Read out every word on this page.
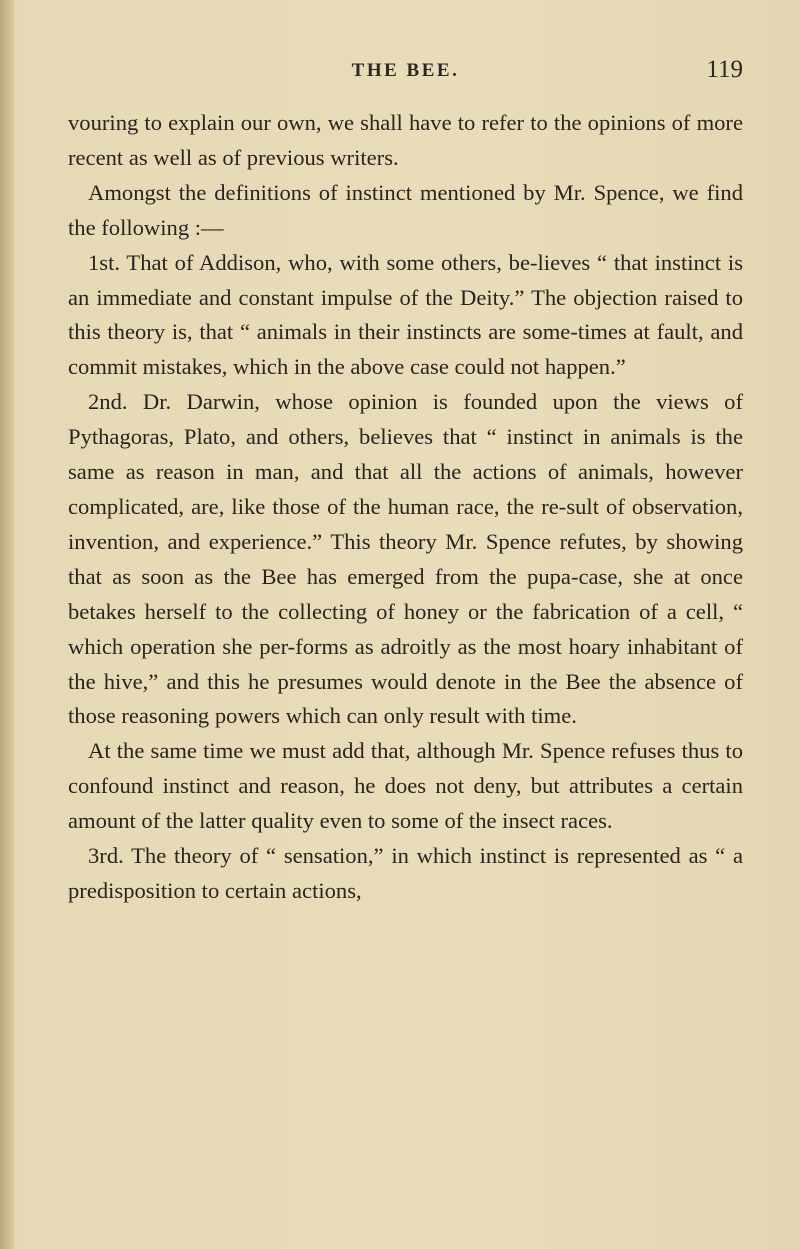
THE BEE.	119

vouring to explain our own, we shall have to refer to the opinions of more recent as well as of previous writers.

Amongst the definitions of instinct mentioned by Mr. Spence, we find the following :—

1st. That of Addison, who, with some others, be-lieves “ that instinct is an immediate and constant impulse of the Deity.” The objection raised to this theory is, that “ animals in their instincts are some-times at fault, and commit mistakes, which in the above case could not happen.”

2nd. Dr. Darwin, whose opinion is founded upon the views of Pythagoras, Plato, and others, believes that “ instinct in animals is the same as reason in man, and that all the actions of animals, however complicated, are, like those of the human race, the re-sult of observation, invention, and experience.” This theory Mr. Spence refutes, by showing that as soon as the Bee has emerged from the pupa-case, she at once betakes herself to the collecting of honey or the fabrication of a cell, “ which operation she per-forms as adroitly as the most hoary inhabitant of the hive,” and this he presumes would denote in the Bee the absence of those reasoning powers which can only result with time.

At the same time we must add that, although Mr. Spence refuses thus to confound instinct and reason, he does not deny, but attributes a certain amount of the latter quality even to some of the insect races.

3rd. The theory of “ sensation,” in which instinct is represented as “ a predisposition to certain actions,
